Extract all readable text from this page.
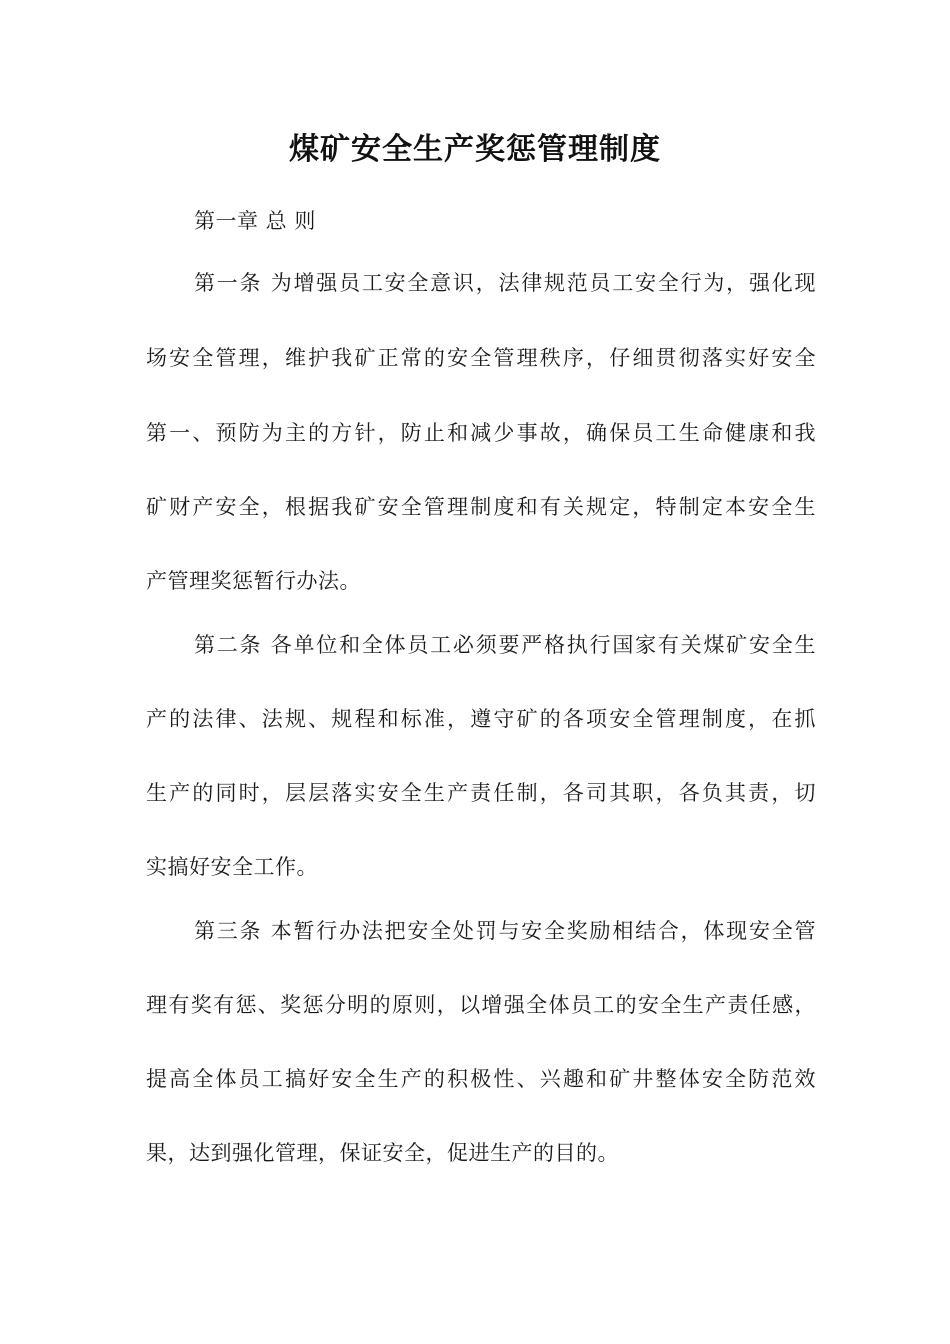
煤矿安全生产奖惩管理制度

第一章 总 则

第一条 为增强员工安全意识，法律规范员工安全行为，强化现

场安全管理，维护我矿正常的安全管理秩序，仔细贯彻落实好安全

第一、预防为主的方针，防止和减少事故，确保员工生命健康和我

矿财产安全，根据我矿安全管理制度和有关规定，特制定本安全生

产管理奖惩暂行办法。

第二条 各单位和全体员工必须要严格执行国家有关煤矿安全生

产的法律、法规、规程和标准，遵守矿的各项安全管理制度，在抓

生产的同时，层层落实安全生产责任制，各司其职，各负其责，切

实搞好安全工作。

第三条 本暂行办法把安全处罚与安全奖励相结合，体现安全管

理有奖有惩、奖惩分明的原则，以增强全体员工的安全生产责任感，

提高全体员工搞好安全生产的积极性、兴趣和矿井整体安全防范效

果，达到强化管理，保证安全，促进生产的目的。
